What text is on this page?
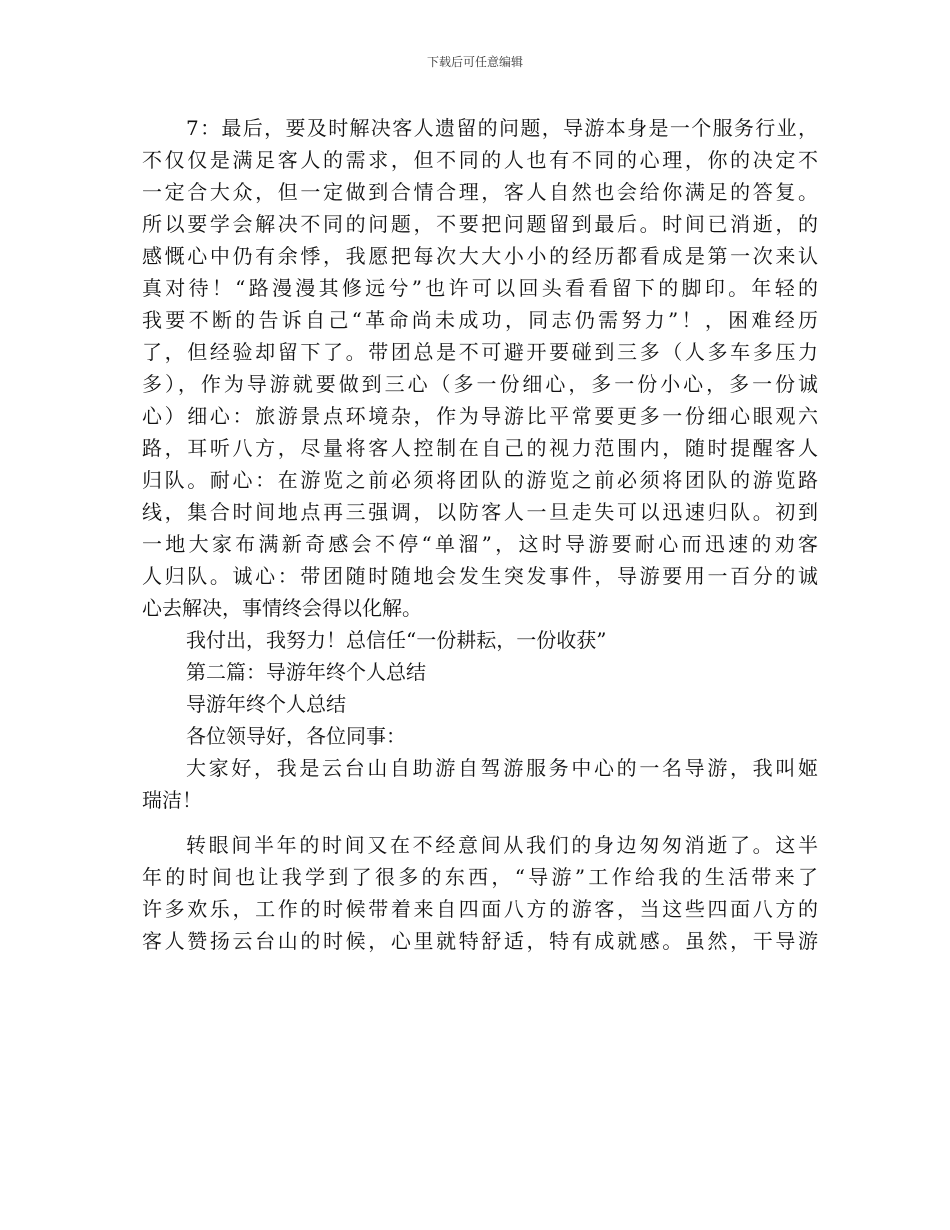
下载后可任意编辑
7：最后，要及时解决客人遗留的问题，导游本身是一个服务行业，
不仅仅是满足客人的需求，但不同的人也有不同的心理，你的决定不
一定合大众，但一定做到合情合理，客人自然也会给你满足的答复。
所以要学会解决不同的问题，不要把问题留到最后。时间已消逝，的
感慨心中仍有余悸，我愿把每次大大小小的经历都看成是第一次来认
真对待！“路漫漫其修远兮”也许可以回头看看留下的脚印。年轻的
我要不断的告诉自己“革命尚未成功，同志仍需努力”！，困难经历
了，但经验却留下了。带团总是不可避开要碰到三多（人多车多压力
多），作为导游就要做到三心（多一份细心，多一份小心，多一份诚
心）细心：旅游景点环境杂，作为导游比平常要更多一份细心眼观六
路，耳听八方，尽量将客人控制在自己的视力范围内，随时提醒客人
归队。耐心：在游览之前必须将团队的游览之前必须将团队的游览路
线，集合时间地点再三强调，以防客人一旦走失可以迅速归队。初到
一地大家布满新奇感会不停“单溜”，这时导游要耐心而迅速的劝客
人归队。诚心：带团随时随地会发生突发事件，导游要用一百分的诚
心去解决，事情终会得以化解。
我付出，我努力！总信任“一份耕耘，一份收获”
第二篇：导游年终个人总结
导游年终个人总结
各位领导好，各位同事：
大家好，我是云台山自助游自驾游服务中心的一名导游，我叫姬
瑞洁！
转眼间半年的时间又在不经意间从我们的身边匆匆消逝了。这半
年的时间也让我学到了很多的东西，“导游”工作给我的生活带来了
许多欢乐，工作的时候带着来自四面八方的游客，当这些四面八方的
客人赞扬云台山的时候，心里就特舒适，特有成就感。虽然，干导游
